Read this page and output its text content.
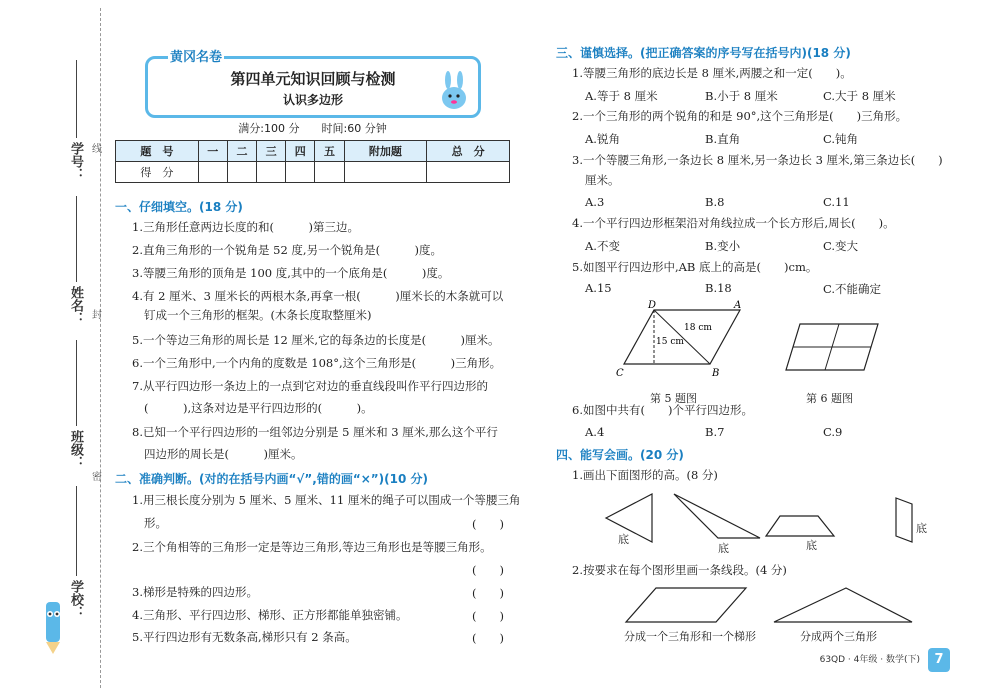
学号：
姓名：
班级：
学校：
线
封
密
第四单元知识回顾与检测
认识多边形
黄冈名卷
满分:100 分　　时间:60 分钟
题　号	一	二	三	四	五	附加题	总　分
得　分							
一、仔细填空。(18 分)
1.三角形任意两边长度的和(　　　)第三边。
2.直角三角形的一个锐角是 52 度,另一个锐角是(　　　)度。
3.等腰三角形的顶角是 100 度,其中的一个底角是(　　　)度。
4.有 2 厘米、3 厘米长的两根木条,再拿一根(　　　)厘米长的木条就可以
钉成一个三角形的框架。(木条长度取整厘米)
5.一个等边三角形的周长是 12 厘米,它的每条边的长度是(　　　)厘米。
6.一个三角形中,一个内角的度数是 108°,这个三角形是(　　　)三角形。
7.从平行四边形一条边上的一点到它对边的垂直线段叫作平行四边形的
(　　　),这条对边是平行四边形的(　　　)。
8.已知一个平行四边形的一组邻边分别是 5 厘米和 3 厘米,那么这个平行
四边形的周长是(　　　)厘米。
二、准确判断。(对的在括号内画“√”,错的画“×”)(10 分)
1.用三根长度分别为 5 厘米、5 厘米、11 厘米的绳子可以围成一个等腰三角
形。	(　　)
2.三个角相等的三角形一定是等边三角形,等边三角形也是等腰三角形。
(　　)
3.梯形是特殊的四边形。	(　　)
4.三角形、平行四边形、梯形、正方形都能单独密铺。	(　　)
5.平行四边形有无数条高,梯形只有 2 条高。	(　　)
三、谨慎选择。(把正确答案的序号写在括号内)(18 分)
1.等腰三角形的底边长是 8 厘米,两腰之和一定(　　)。
A.等于 8 厘米	B.小于 8 厘米	C.大于 8 厘米
2.一个三角形的两个锐角的和是 90°,这个三角形是(　　)三角形。
A.锐角	B.直角	C.钝角
3.一个等腰三角形,一条边长 8 厘米,另一条边长 3 厘米,第三条边长(　　)
厘米。
A.3	B.8	C.11
4.一个平行四边形框架沿对角线拉成一个长方形后,周长(　　)。
A.不变	B.变小	C.变大
5.如图平行四边形中,AB 底上的高是(　　)cm。
A.15	B.18	C.不能确定
D	A
B
C
18 cm
15 cm
第 5 题图	第 6 题图
6.如图中共有(　　)个平行四边形。
A.4	B.7	C.9
四、能写会画。(20 分)
1.画出下面图形的高。(8 分)
底
底	底
底
2.按要求在每个图形里画一条线段。(4 分)
分成一个三角形和一个梯形	分成两个三角形
63QD · 4年级 · 数学(下)	7
